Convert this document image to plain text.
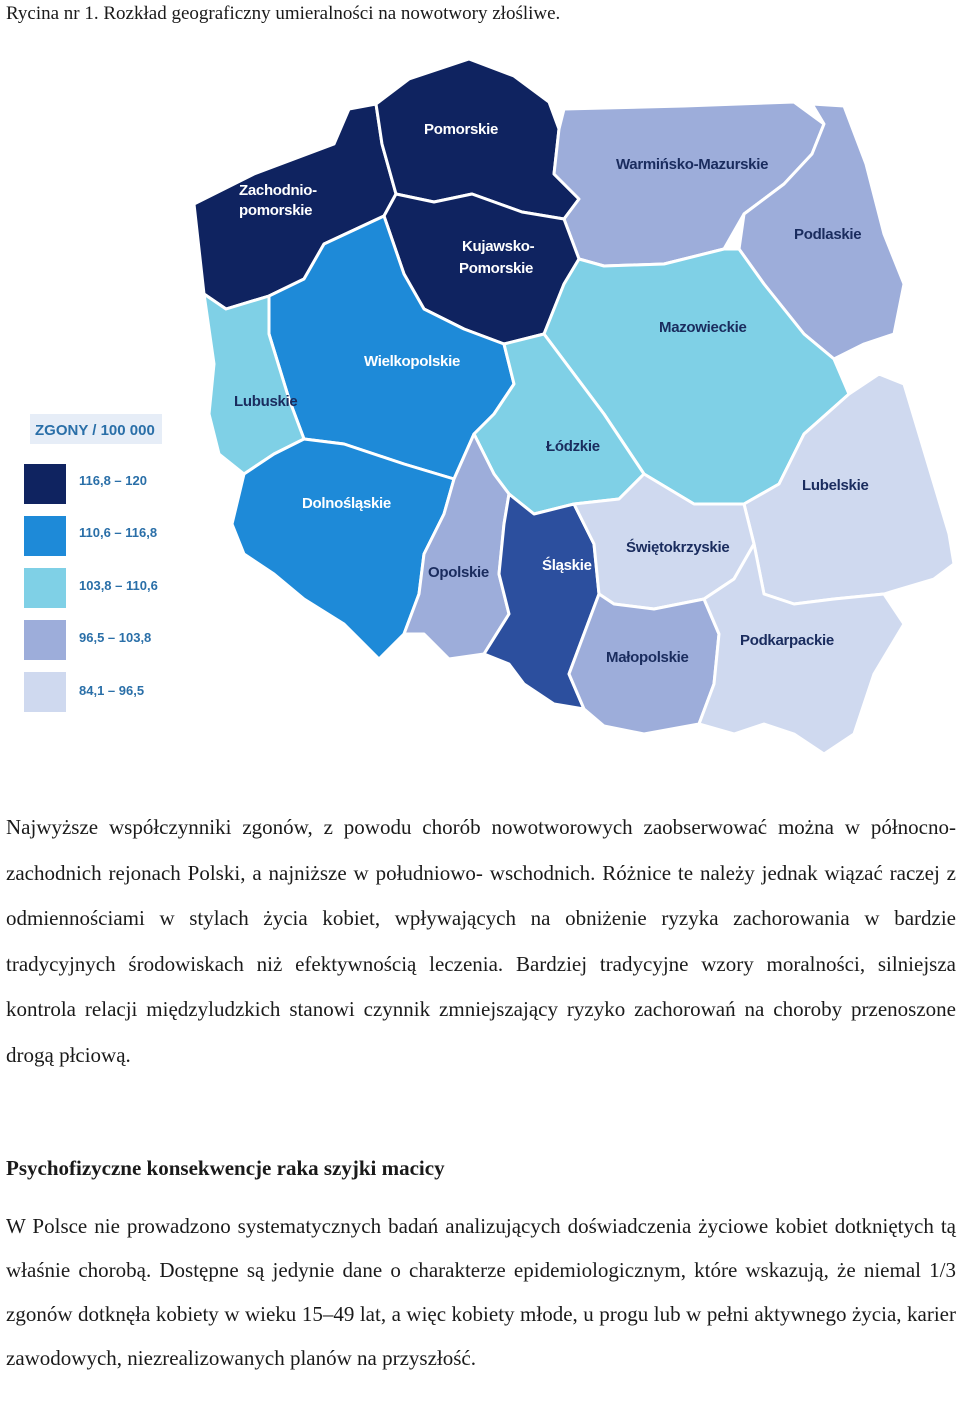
Rycina nr 1. Rozkład geograficzny umieralności na nowotwory złośliwe.
Zachodnio-
pomorskie
Pomorskie
Warmińsko-Mazurskie
Podlaskie
Kujawsko-
Pomorskie
Mazowieckie
Wielkopolskie
Lubuskie
Łódzkie
Lubelskie
Dolnośląskie
Opolskie	Śląskie
Świętokrzyskie
Małopolskie
Podkarpackie
ZGONY / 100 000
116,8 – 120
110,6 – 116,8
103,8 – 110,6
96,5 – 103,8
84,1 – 96,5

Najwyższe współczynniki zgonów, z powodu chorób nowotworowych zaobserwować można w północno-zachodnich rejonach Polski, a najniższe w południowo- wschodnich. Różnice te należy jednak wiązać raczej z odmiennościami w stylach życia kobiet, wpływających na obniżenie ryzyka zachorowania w bardzie tradycyjnych środowiskach niż efektywnością leczenia. Bardziej tradycyjne wzory moralności, silniejsza kontrola relacji międzyludzkich stanowi czynnik zmniejszający ryzyko zachorowań na choroby przenoszone drogą płciową.

Psychofizyczne konsekwencje raka szyjki macicy

W Polsce nie prowadzono systematycznych badań analizujących doświadczenia życiowe kobiet dotkniętych tą właśnie chorobą. Dostępne są jedynie dane o charakterze epidemiologicznym, które wskazują, że niemal 1/3 zgonów dotknęła kobiety w wieku 15–49 lat, a więc kobiety młode, u progu lub w pełni aktywnego życia, karier zawodowych, niezrealizowanych planów na przyszłość.
